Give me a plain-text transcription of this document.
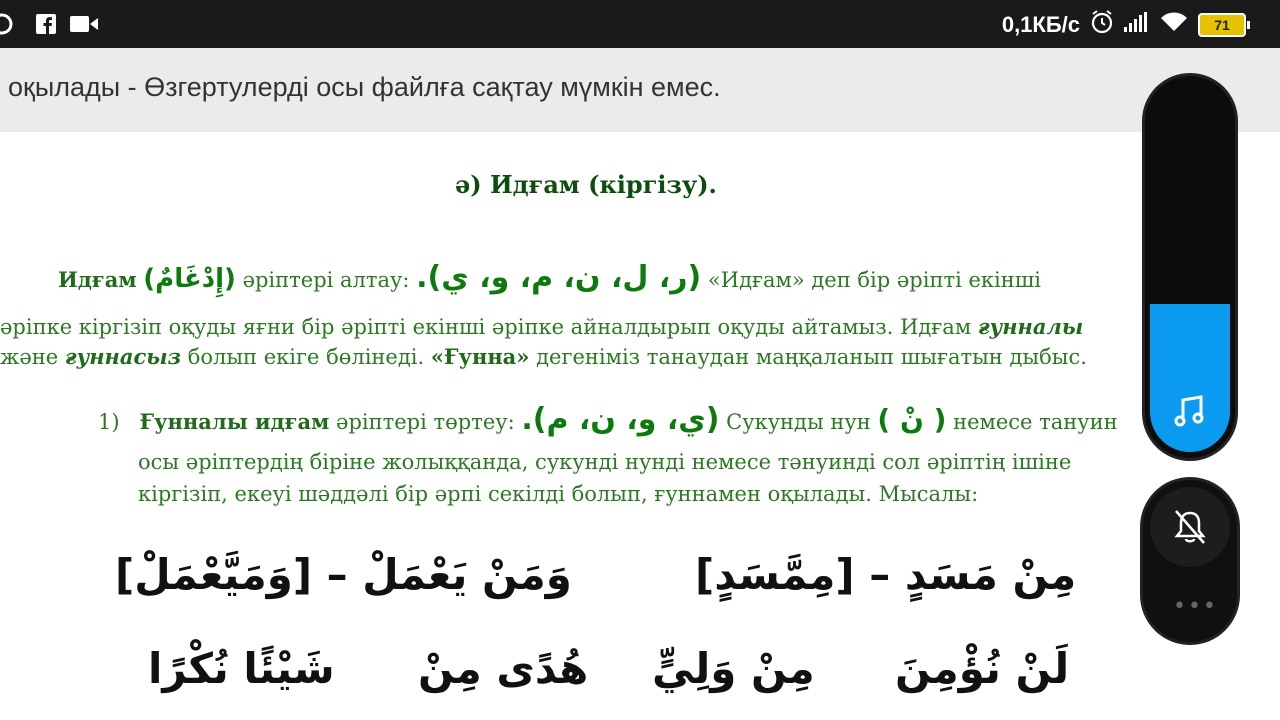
0,1КБ/с	71
оқылады - Өзгертулерді осы файлға сақтау мүмкін емес.
ә) Идғам (кіргізу).
Идғам (إِدْغَامٌ) әріптері алтау: (ر، ل، ن، م، و، ي). «Идғам» деп бір әріпті екінші
әріпке кіргізіп оқуды яғни бір әріпті екінші әріпке айналдырып оқуды айтамыз. Идғам ғунналы
және ғуннасыз болып екіге бөлінеді. «Ғунна» дегеніміз танаудан маңқаланып шығатын дыбыс.
1) Ғунналы идғам әріптері төртеу: (ي، و، ن، م). Сукунды нун ( نْ ) немесе тануин
осы әріптердің біріне жолыққанда, сукунді нунді немесе тәнуинді сол әріптің ішіне
кіргізіп, екеуі шәддәлі бір әрпі секілді болып, ғуннамен оқылады. Мысалы:
[وَمَيَّعْمَلْ] – وَمَنْ يَعْمَلْ	[مِمَّسَدٍ] – مِنْ مَسَدٍ
شَيْئًا نُكْرًا هُدًى مِنْ مِنْ وَلِيٍّ لَنْ نُؤْمِنَ
•••
